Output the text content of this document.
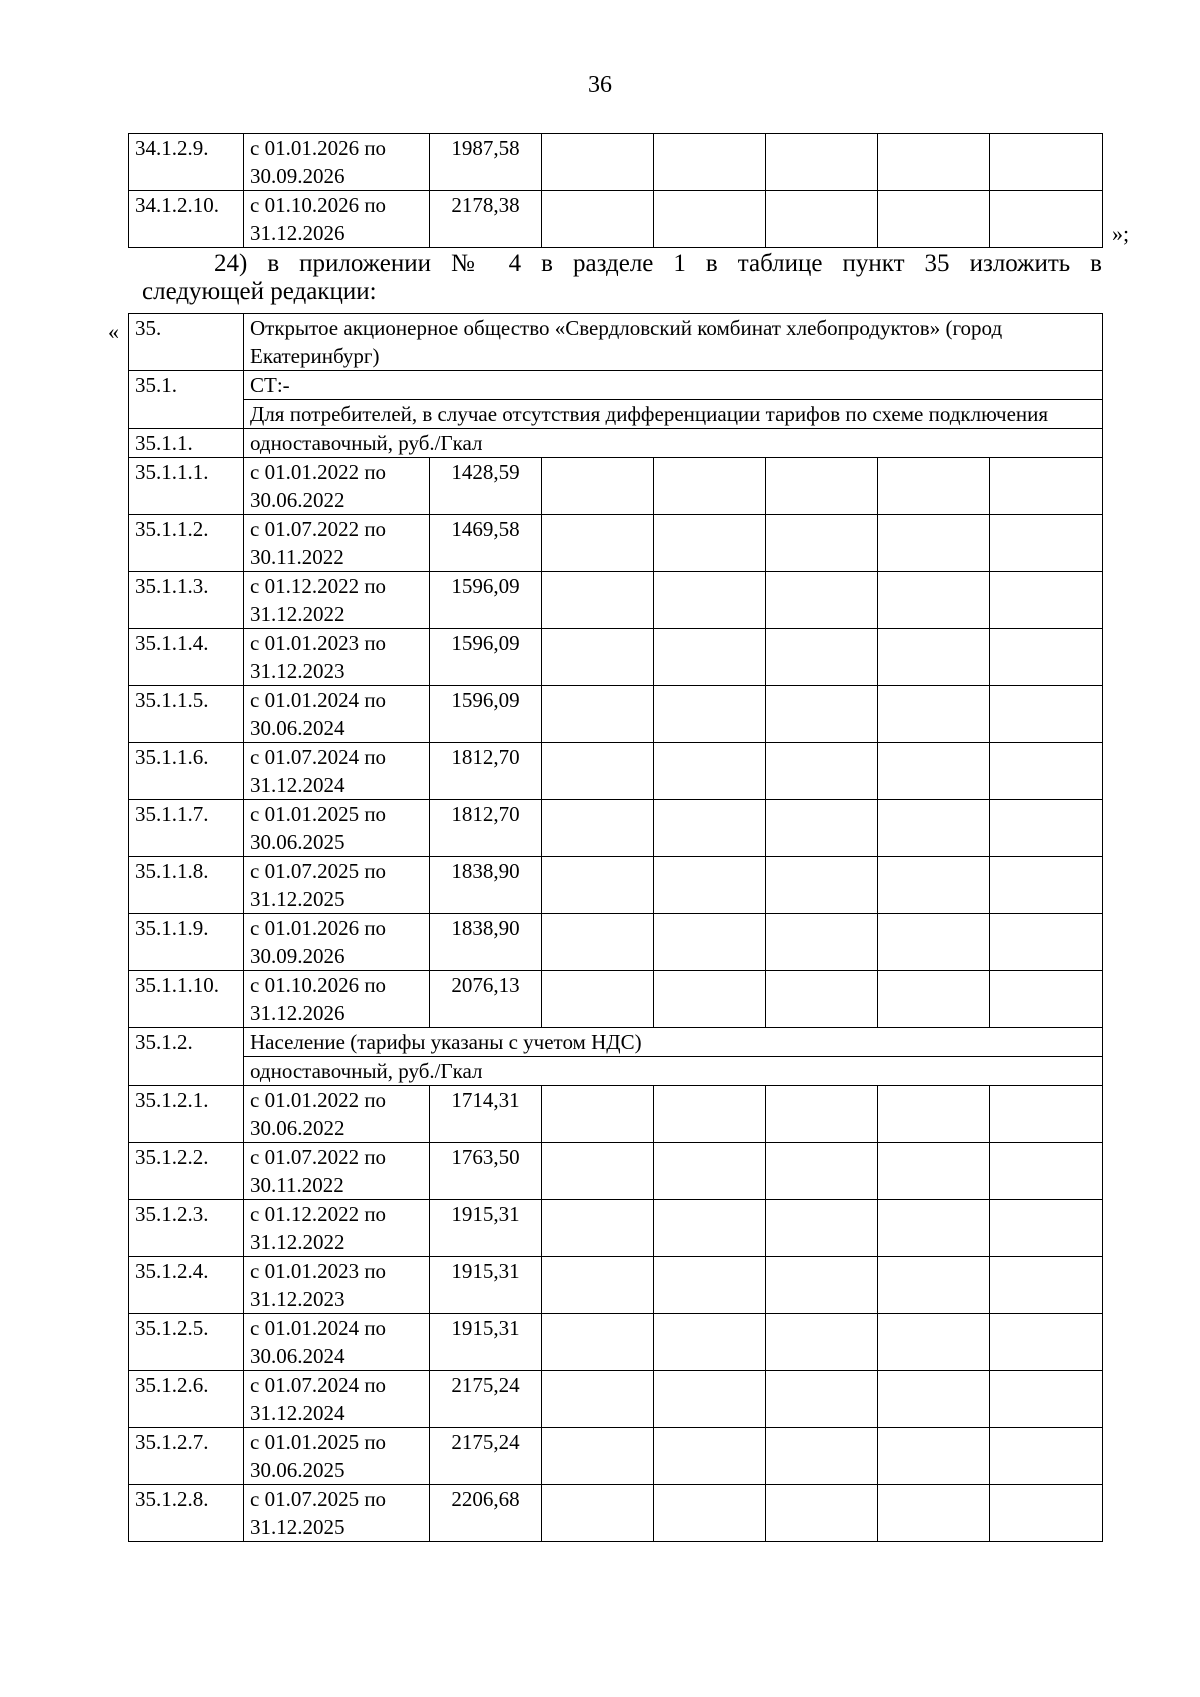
36
34.1.2.9.	с 01.01.2026 по 30.09.2026	1987,58					
34.1.2.10.	с 01.10.2026 по 31.12.2026	2178,38					
»;
24) в приложении № 4 в разделе 1 в таблице пункт 35 изложить в
следующей редакции:
« 35.	Открытое акционерное общество «Свердловский комбинат хлебопродуктов» (город Екатеринбург)						
35.1.	СТ:-						
	Для потребителей, в случае отсутствия дифференциации тарифов по схеме подключения						
35.1.1.	одноставочный, руб./Гкал						
35.1.1.1.	с 01.01.2022 по 30.06.2022	1428,59					
35.1.1.2.	с 01.07.2022 по 30.11.2022	1469,58					
35.1.1.3.	с 01.12.2022 по 31.12.2022	1596,09					
35.1.1.4.	с 01.01.2023 по 31.12.2023	1596,09					
35.1.1.5.	с 01.01.2024 по 30.06.2024	1596,09					
35.1.1.6.	с 01.07.2024 по 31.12.2024	1812,70					
35.1.1.7.	с 01.01.2025 по 30.06.2025	1812,70					
35.1.1.8.	с 01.07.2025 по 31.12.2025	1838,90					
35.1.1.9.	с 01.01.2026 по 30.09.2026	1838,90					
35.1.1.10.	с 01.10.2026 по 31.12.2026	2076,13					
35.1.2.	Население (тарифы указаны с учетом НДС)						
	одноставочный, руб./Гкал						
35.1.2.1.	с 01.01.2022 по 30.06.2022	1714,31					
35.1.2.2.	с 01.07.2022 по 30.11.2022	1763,50					
35.1.2.3.	с 01.12.2022 по 31.12.2022	1915,31					
35.1.2.4.	с 01.01.2023 по 31.12.2023	1915,31					
35.1.2.5.	с 01.01.2024 по 30.06.2024	1915,31					
35.1.2.6.	с 01.07.2024 по 31.12.2024	2175,24					
35.1.2.7.	с 01.01.2025 по 30.06.2025	2175,24					
35.1.2.8.	с 01.07.2025 по 31.12.2025	2206,68					
